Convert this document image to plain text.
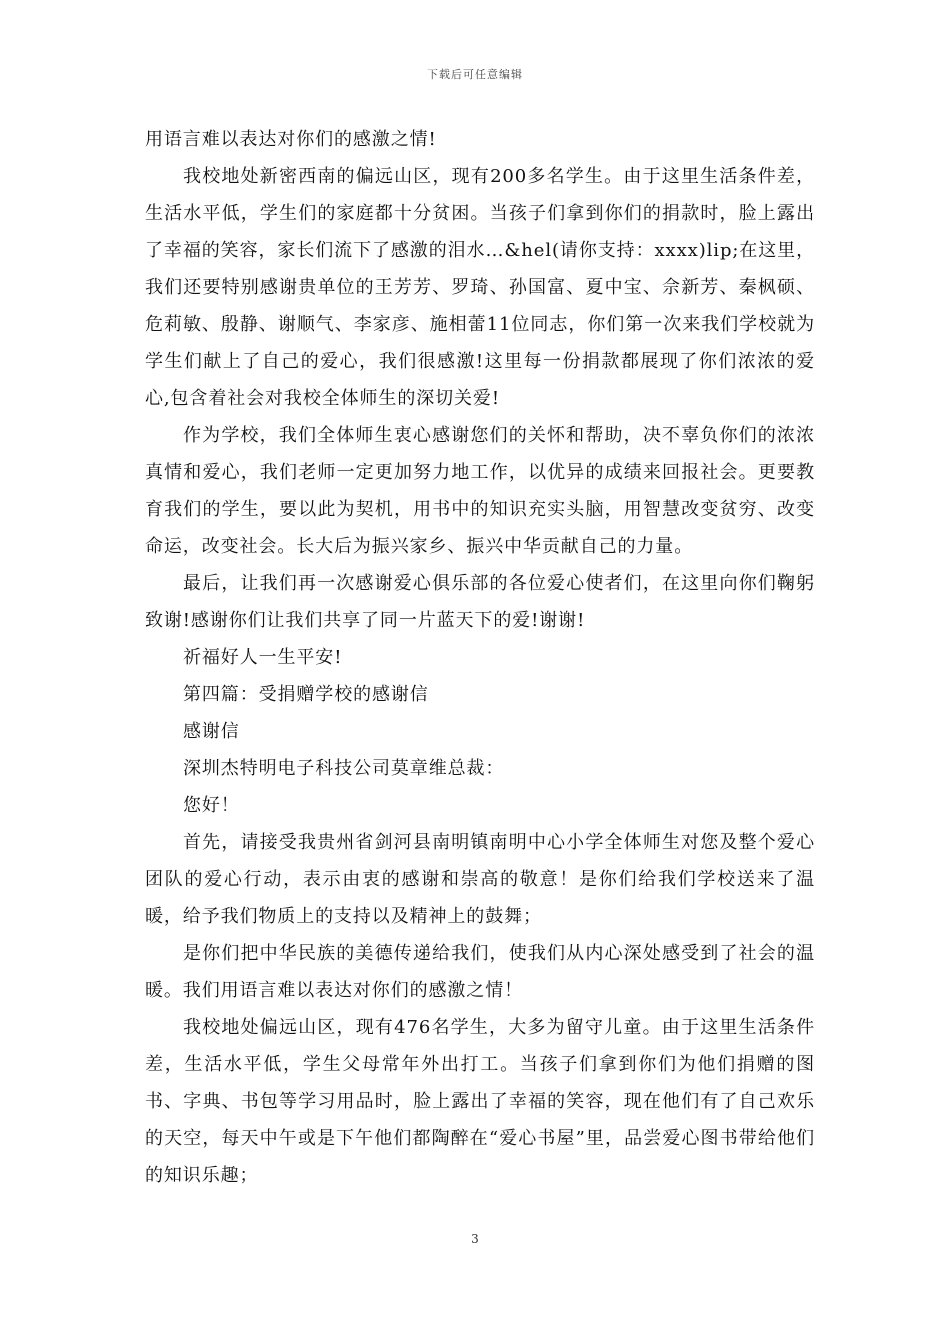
下载后可任意编辑

用语言难以表达对你们的感激之情!

我校地处新密西南的偏远山区，现有200多名学生。由于这里生活条件差，生活水平低，学生们的家庭都十分贫困。当孩子们拿到你们的捐款时，脸上露出了幸福的笑容，家长们流下了感激的泪水…&hel(请你支持：xxxx)lip;在这里，我们还要特别感谢贵单位的王芳芳、罗琦、孙国富、夏中宝、佘新芳、秦枫硕、危莉敏、殷静、谢顺气、李家彦、施相蕾11位同志，你们第一次来我们学校就为学生们献上了自己的爱心，我们很感激!这里每一份捐款都展现了你们浓浓的爱心,包含着社会对我校全体师生的深切关爱!

作为学校，我们全体师生衷心感谢您们的关怀和帮助，决不辜负你们的浓浓真情和爱心，我们老师一定更加努力地工作，以优异的成绩来回报社会。更要教育我们的学生，要以此为契机，用书中的知识充实头脑，用智慧改变贫穷、改变命运，改变社会。长大后为振兴家乡、振兴中华贡献自己的力量。

最后，让我们再一次感谢爱心俱乐部的各位爱心使者们，在这里向你们鞠躬致谢!感谢你们让我们共享了同一片蓝天下的爱!谢谢!

祈福好人一生平安!

第四篇：受捐赠学校的感谢信

感谢信

深圳杰特明电子科技公司莫章维总裁：

您好！

首先，请接受我贵州省剑河县南明镇南明中心小学全体师生对您及整个爱心团队的爱心行动，表示由衷的感谢和崇高的敬意！是你们给我们学校送来了温暖，给予我们物质上的支持以及精神上的鼓舞；

是你们把中华民族的美德传递给我们，使我们从内心深处感受到了社会的温暖。我们用语言难以表达对你们的感激之情！

我校地处偏远山区，现有476名学生，大多为留守儿童。由于这里生活条件差，生活水平低，学生父母常年外出打工。当孩子们拿到你们为他们捐赠的图书、字典、书包等学习用品时，脸上露出了幸福的笑容，现在他们有了自己欢乐的天空，每天中午或是下午他们都陶醉在“爱心书屋”里，品尝爱心图书带给他们的知识乐趣；

3
